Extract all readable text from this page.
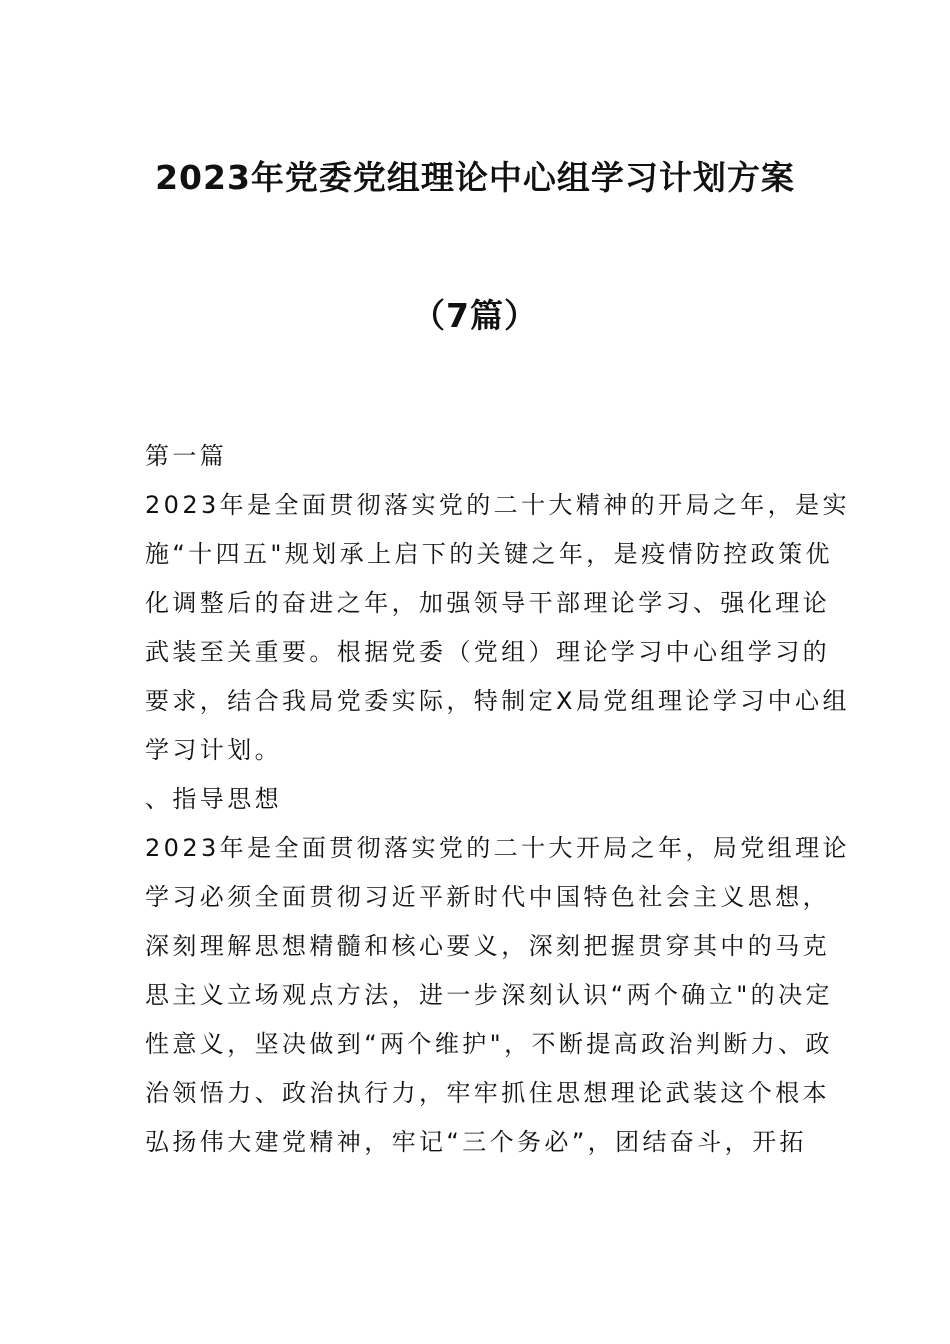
2023年党委党组理论中心组学习计划方案
（7篇）
第一篇
2023年是全面贯彻落实党的二十大精神的开局之年，是实
施“十四五"规划承上启下的关键之年，是疫情防控政策优
化调整后的奋进之年，加强领导干部理论学习、强化理论
武装至关重要。根据党委（党组）理论学习中心组学习的
要求，结合我局党委实际，特制定X局党组理论学习中心组
学习计划。
、指导思想
2023年是全面贯彻落实党的二十大开局之年，局党组理论
学习必须全面贯彻习近平新时代中国特色社会主义思想，
深刻理解思想精髓和核心要义，深刻把握贯穿其中的马克
思主义立场观点方法，进一步深刻认识“两个确立"的决定
性意义，坚决做到“两个维护"，不断提高政治判断力、政
治领悟力、政治执行力，牢牢抓住思想理论武装这个根本
弘扬伟大建党精神，牢记“三个务必”，团结奋斗，开拓
